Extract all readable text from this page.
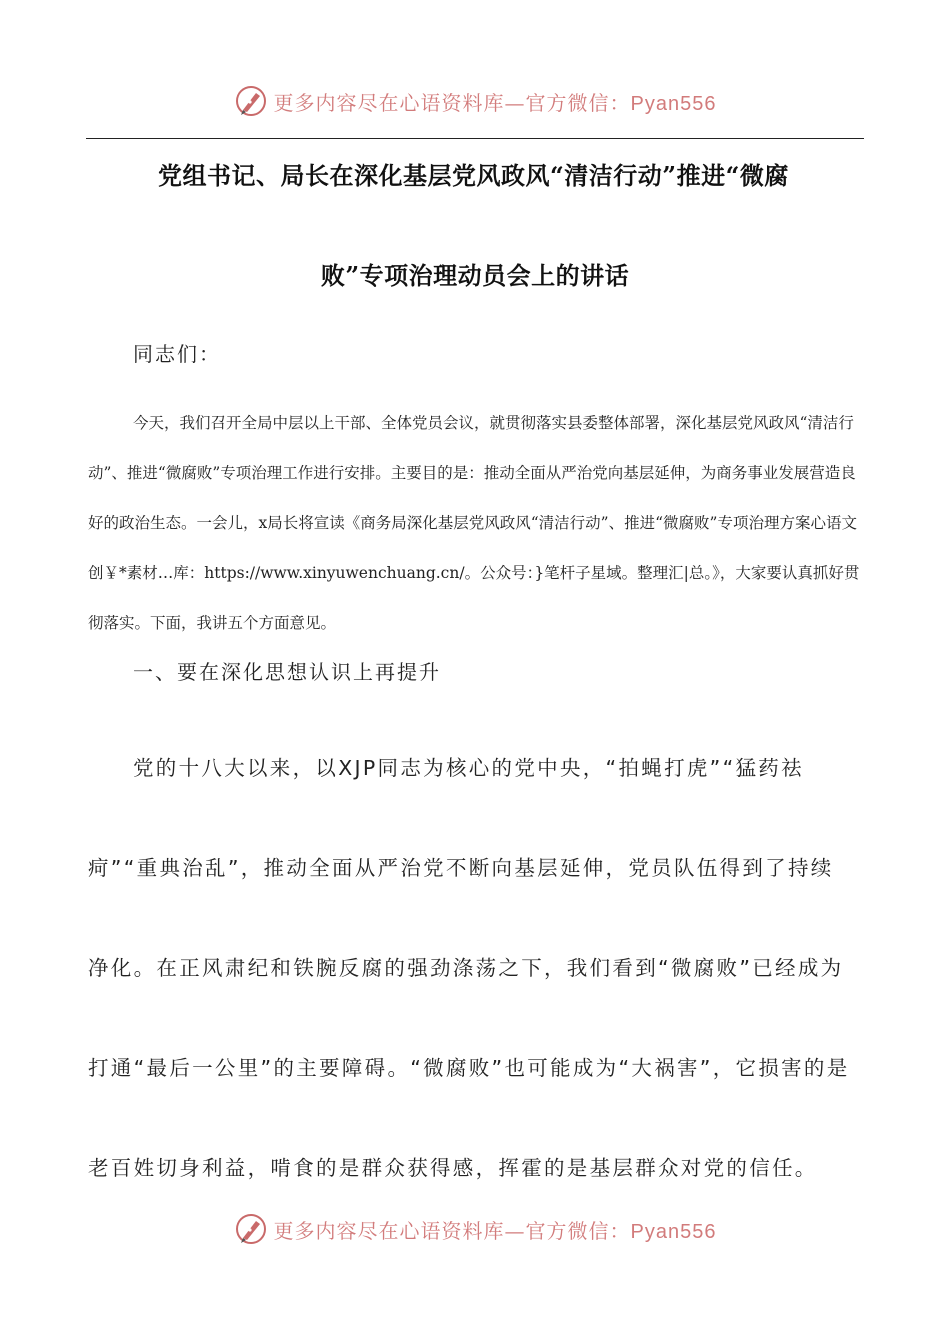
更多内容尽在心语资料库—官方微信：Pyan556
党组书记、局长在深化基层党风政风“清洁行动”推进“微腐
败”专项治理动员会上的讲话
同志们：

今天，我们召开全局中层以上干部、全体党员会议，就贯彻落实县委整体部署，深化基层党风政风“清洁行动”、推进“微腐败”专项治理工作进行安排。主要目的是：推动全面从严治党向基层延伸，为商务事业发展营造良好的政治生态。一会儿，x局长将宣读《商务局深化基层党风政风“清洁行动”、推进“微腐败”专项治理方案心语文创￥*素材…库：https://www.xinyuwenchuang.cn/。公众号：}笔杆子星域。整理汇|总。》，大家要认真抓好贯彻落实。下面，我讲五个方面意见。

一、要在深化思想认识上再提升

党的十八大以来，以XJP同志为核心的党中央，“拍蝇打虎”“猛药祛疴”“重典治乱”，推动全面从严治党不断向基层延伸，党员队伍得到了持续净化。在正风肃纪和铁腕反腐的强劲涤荡之下，我们看到“微腐败”已经成为打通“最后一公里”的主要障碍。“微腐败”也可能成为“大祸害”，它损害的是老百姓切身利益，啃食的是群众获得感，挥霍的是基层群众对党的信任。

更多内容尽在心语资料库—官方微信：Pyan556
